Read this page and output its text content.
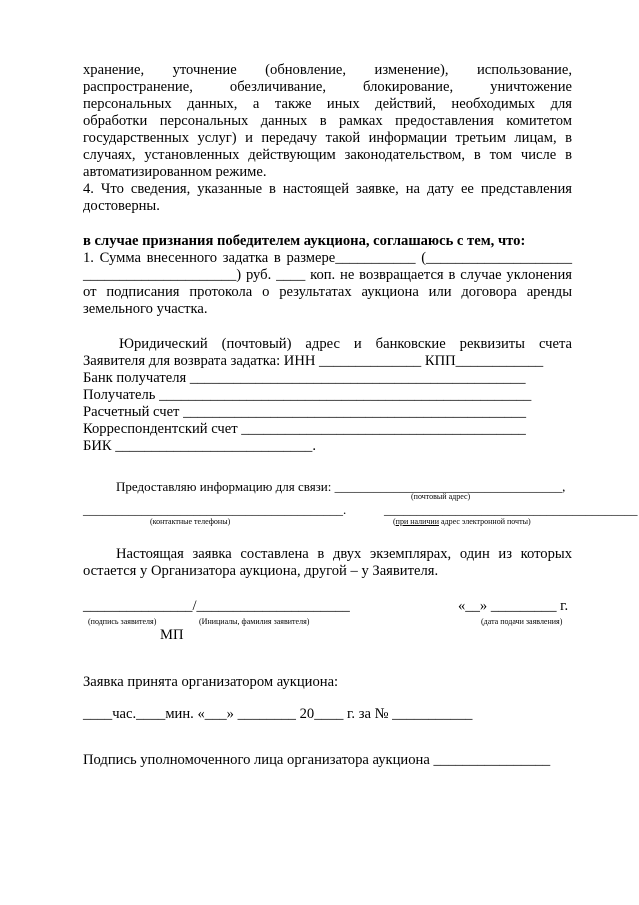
хранение, уточнение (обновление, изменение), использование,
распространение, обезличивание, блокирование, уничтожение
персональных данных, а также иных действий, необходимых для
обработки персональных данных в рамках предоставления комитетом
государственных услуг) и передачу такой информации третьим лицам, в
случаях, установленных действующим законодательством, в том числе в
автоматизированном режиме.
4. Что сведения, указанные в настоящей заявке, на дату ее представления
достоверны.
в случае признания победителем аукциона, соглашаюсь с тем, что:
1. Сумма внесенного задатка в размере___________ (____________________
_____________________) руб. ____ коп. не возвращается в случае уклонения
от подписания протокола о результатах аукциона или договора аренды
земельного участка.
Юридический (почтовый) адрес и банковские реквизиты счета
Заявителя для возврата задатка: ИНН ______________ КПП____________
Банк получателя ______________________________________________
Получатель ___________________________________________________
Расчетный счет _______________________________________________
Корреспондентский счет _______________________________________
БИК ___________________________.
Предоставляю информацию для связи: ___________________________________,
(почтовый адрес)
________________________________________.	_______________________________________
(контактные телефоны)	(при наличии адрес электронной почты)
Настоящая заявка составлена в двух экземплярах, один из которых
остается у Организатора аукциона, другой – у Заявителя.
_______________/_____________________	«__» _________ г.
(подпись заявителя)	(Инициалы, фамилия заявителя)	(дата подачи заявления)
МП
Заявка принята организатором аукциона:
____час.____мин. «___» ________ 20____ г. за № ___________
Подпись уполномоченного лица организатора аукциона ________________
